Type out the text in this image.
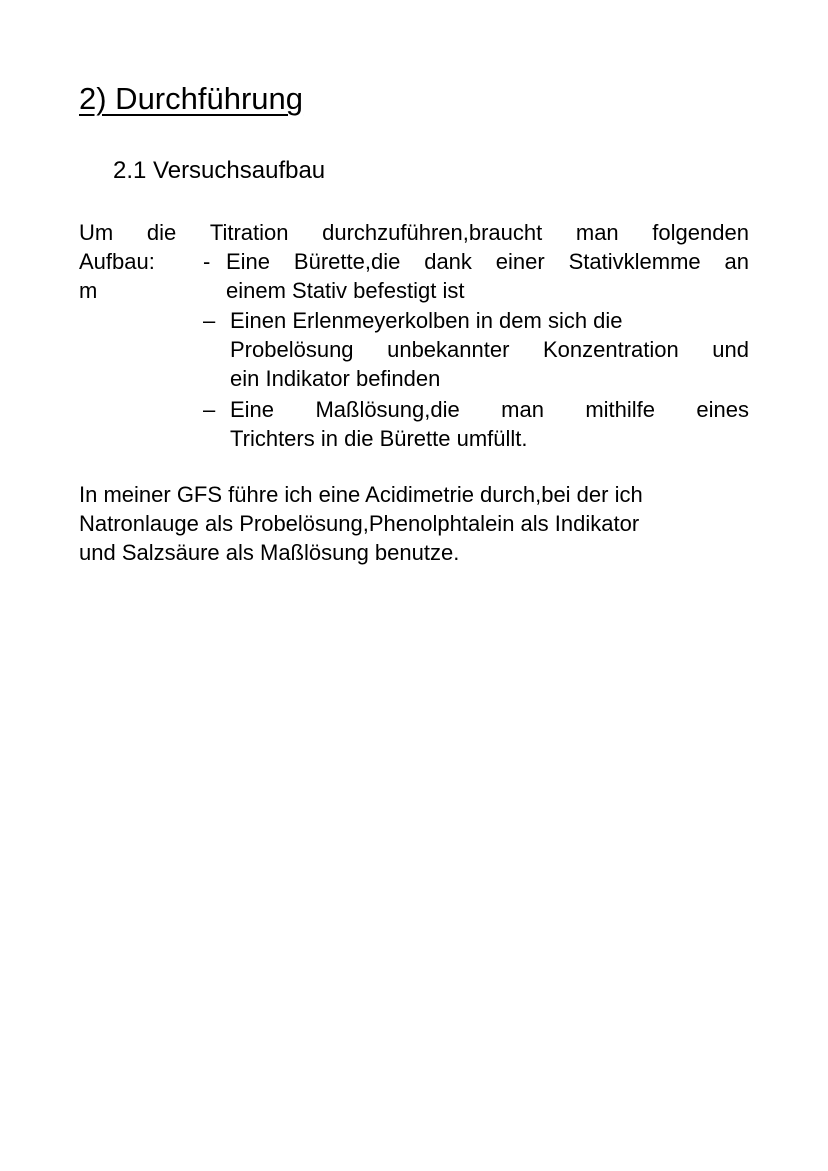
2) Durchführung
2.1 Versuchsaufbau
Um die Titration durchzuführen,braucht man folgenden
Aufbau:
m
- Eine Bürette,die dank einer Stativklemme an
einem Stativ befestigt ist
– Einen Erlenmeyerkolben in dem sich die
Probelösung unbekannter Konzentration und
ein Indikator befinden
– Eine Maßlösung,die man mithilfe eines
Trichters in die Bürette umfüllt.

In meiner GFS führe ich eine Acidimetrie durch,bei der ich
Natronlauge als Probelösung,Phenolphtalein als Indikator
und Salzsäure als Maßlösung benutze.
